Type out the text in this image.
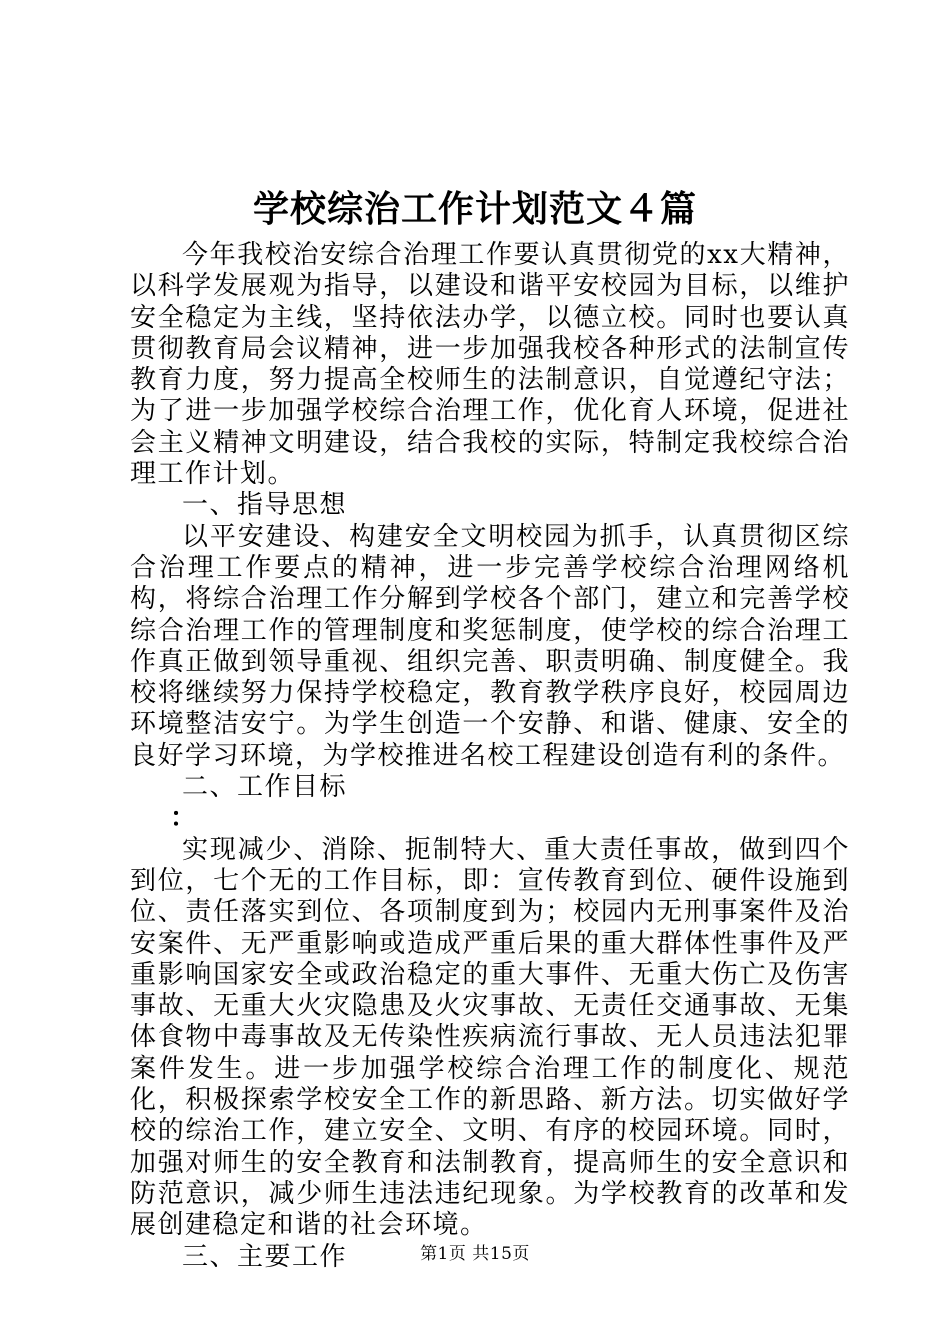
学校综治工作计划范文４篇

今年我校治安综合治理工作要认真贯彻党的xx大精神，以科学发展观为指导，以建设和谐平安校园为目标，以维护安全稳定为主线，坚持依法办学，以德立校。同时也要认真贯彻教育局会议精神，进一步加强我校各种形式的法制宣传教育力度，努力提高全校师生的法制意识，自觉遵纪守法；为了进一步加强学校综合治理工作，优化育人环境，促进社会主义精神文明建设，结合我校的实际，特制定我校综合治理工作计划。

一、指导思想

以平安建设、构建安全文明校园为抓手，认真贯彻区综合治理工作要点的精神，进一步完善学校综合治理网络机构，将综合治理工作分解到学校各个部门，建立和完善学校综合治理工作的管理制度和奖惩制度，使学校的综合治理工作真正做到领导重视、组织完善、职责明确、制度健全。我校将继续努力保持学校稳定，教育教学秩序良好，校园周边环境整洁安宁。为学生创造一个安静、和谐、健康、安全的良好学习环境，为学校推进名校工程建设创造有利的条件。

二、工作目标

：

实现减少、消除、扼制特大、重大责任事故，做到四个到位，七个无的工作目标，即：宣传教育到位、硬件设施到位、责任落实到位、各项制度到为；校园内无刑事案件及治安案件、无严重影响或造成严重后果的重大群体性事件及严重影响国家安全或政治稳定的重大事件、无重大伤亡及伤害事故、无重大火灾隐患及火灾事故、无责任交通事故、无集体食物中毒事故及无传染性疾病流行事故、无人员违法犯罪案件发生。进一步加强学校综合治理工作的制度化、规范化，积极探索学校安全工作的新思路、新方法。切实做好学校的综治工作，建立安全、文明、有序的校园环境。同时，加强对师生的安全教育和法制教育，提高师生的安全意识和防范意识，减少师生违法违纪现象。为学校教育的改革和发展创建稳定和谐的社会环境。

三、主要工作	第1页 共15页
